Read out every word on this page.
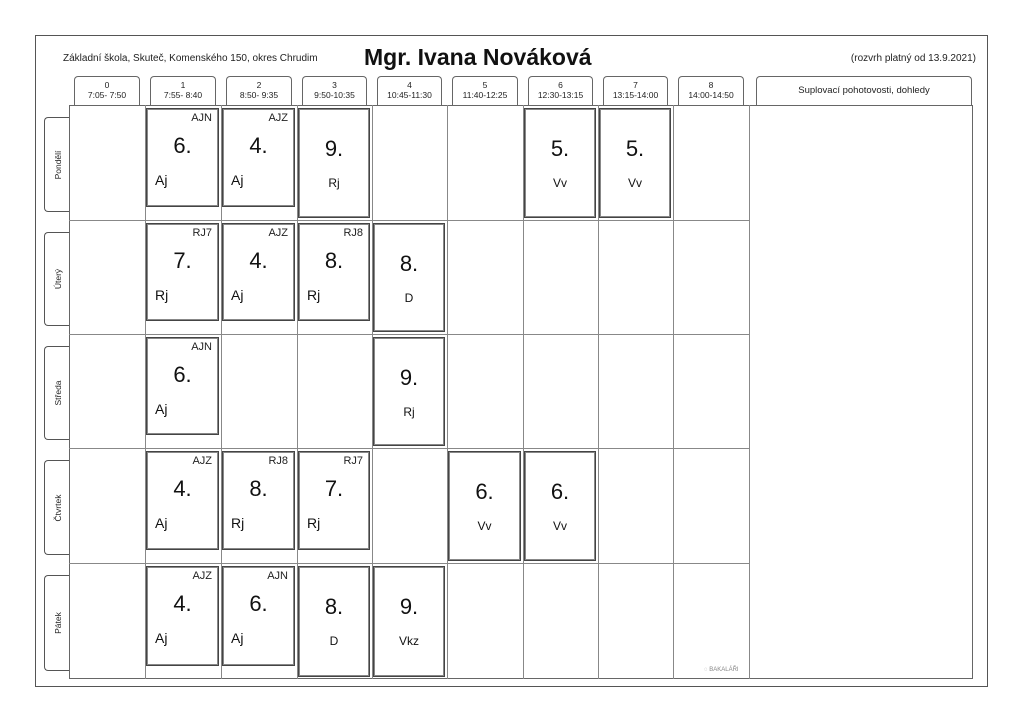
Základní škola, Skuteč, Komenského 150, okres Chrudim Mgr. Ivana Nováková	(rozvrh platný od 13.9.2021)
0
7:05- 7:50
1
7:55- 8:40
2
8:50- 9:35
3
9:50-10:35
4
10:45-11:30
5
11:40-12:25
6
12:30-13:15
7
13:15-14:00
8
14:00-14:50	Suplovací pohotovosti, dohledy
Pondělí
Úterý
Středa
Čtvrtek
Pátek
AJN
6.
Aj
AJZ
4.
Aj
9.
Rj
5.
Vv
5.
Vv
RJ7
7.
Rj
AJZ
4.
Aj
RJ8
8.
Rj
8.
D
AJN
6.
Aj
9.
Rj
AJZ
4.
Aj
RJ8
8.
Rj
RJ7
7.
Rj
6.
Vv
6.
Vv
AJZ
4.
Aj
AJN
6.
Aj
8.
D
9.
Vkz
◌ BAKALÁŘI
